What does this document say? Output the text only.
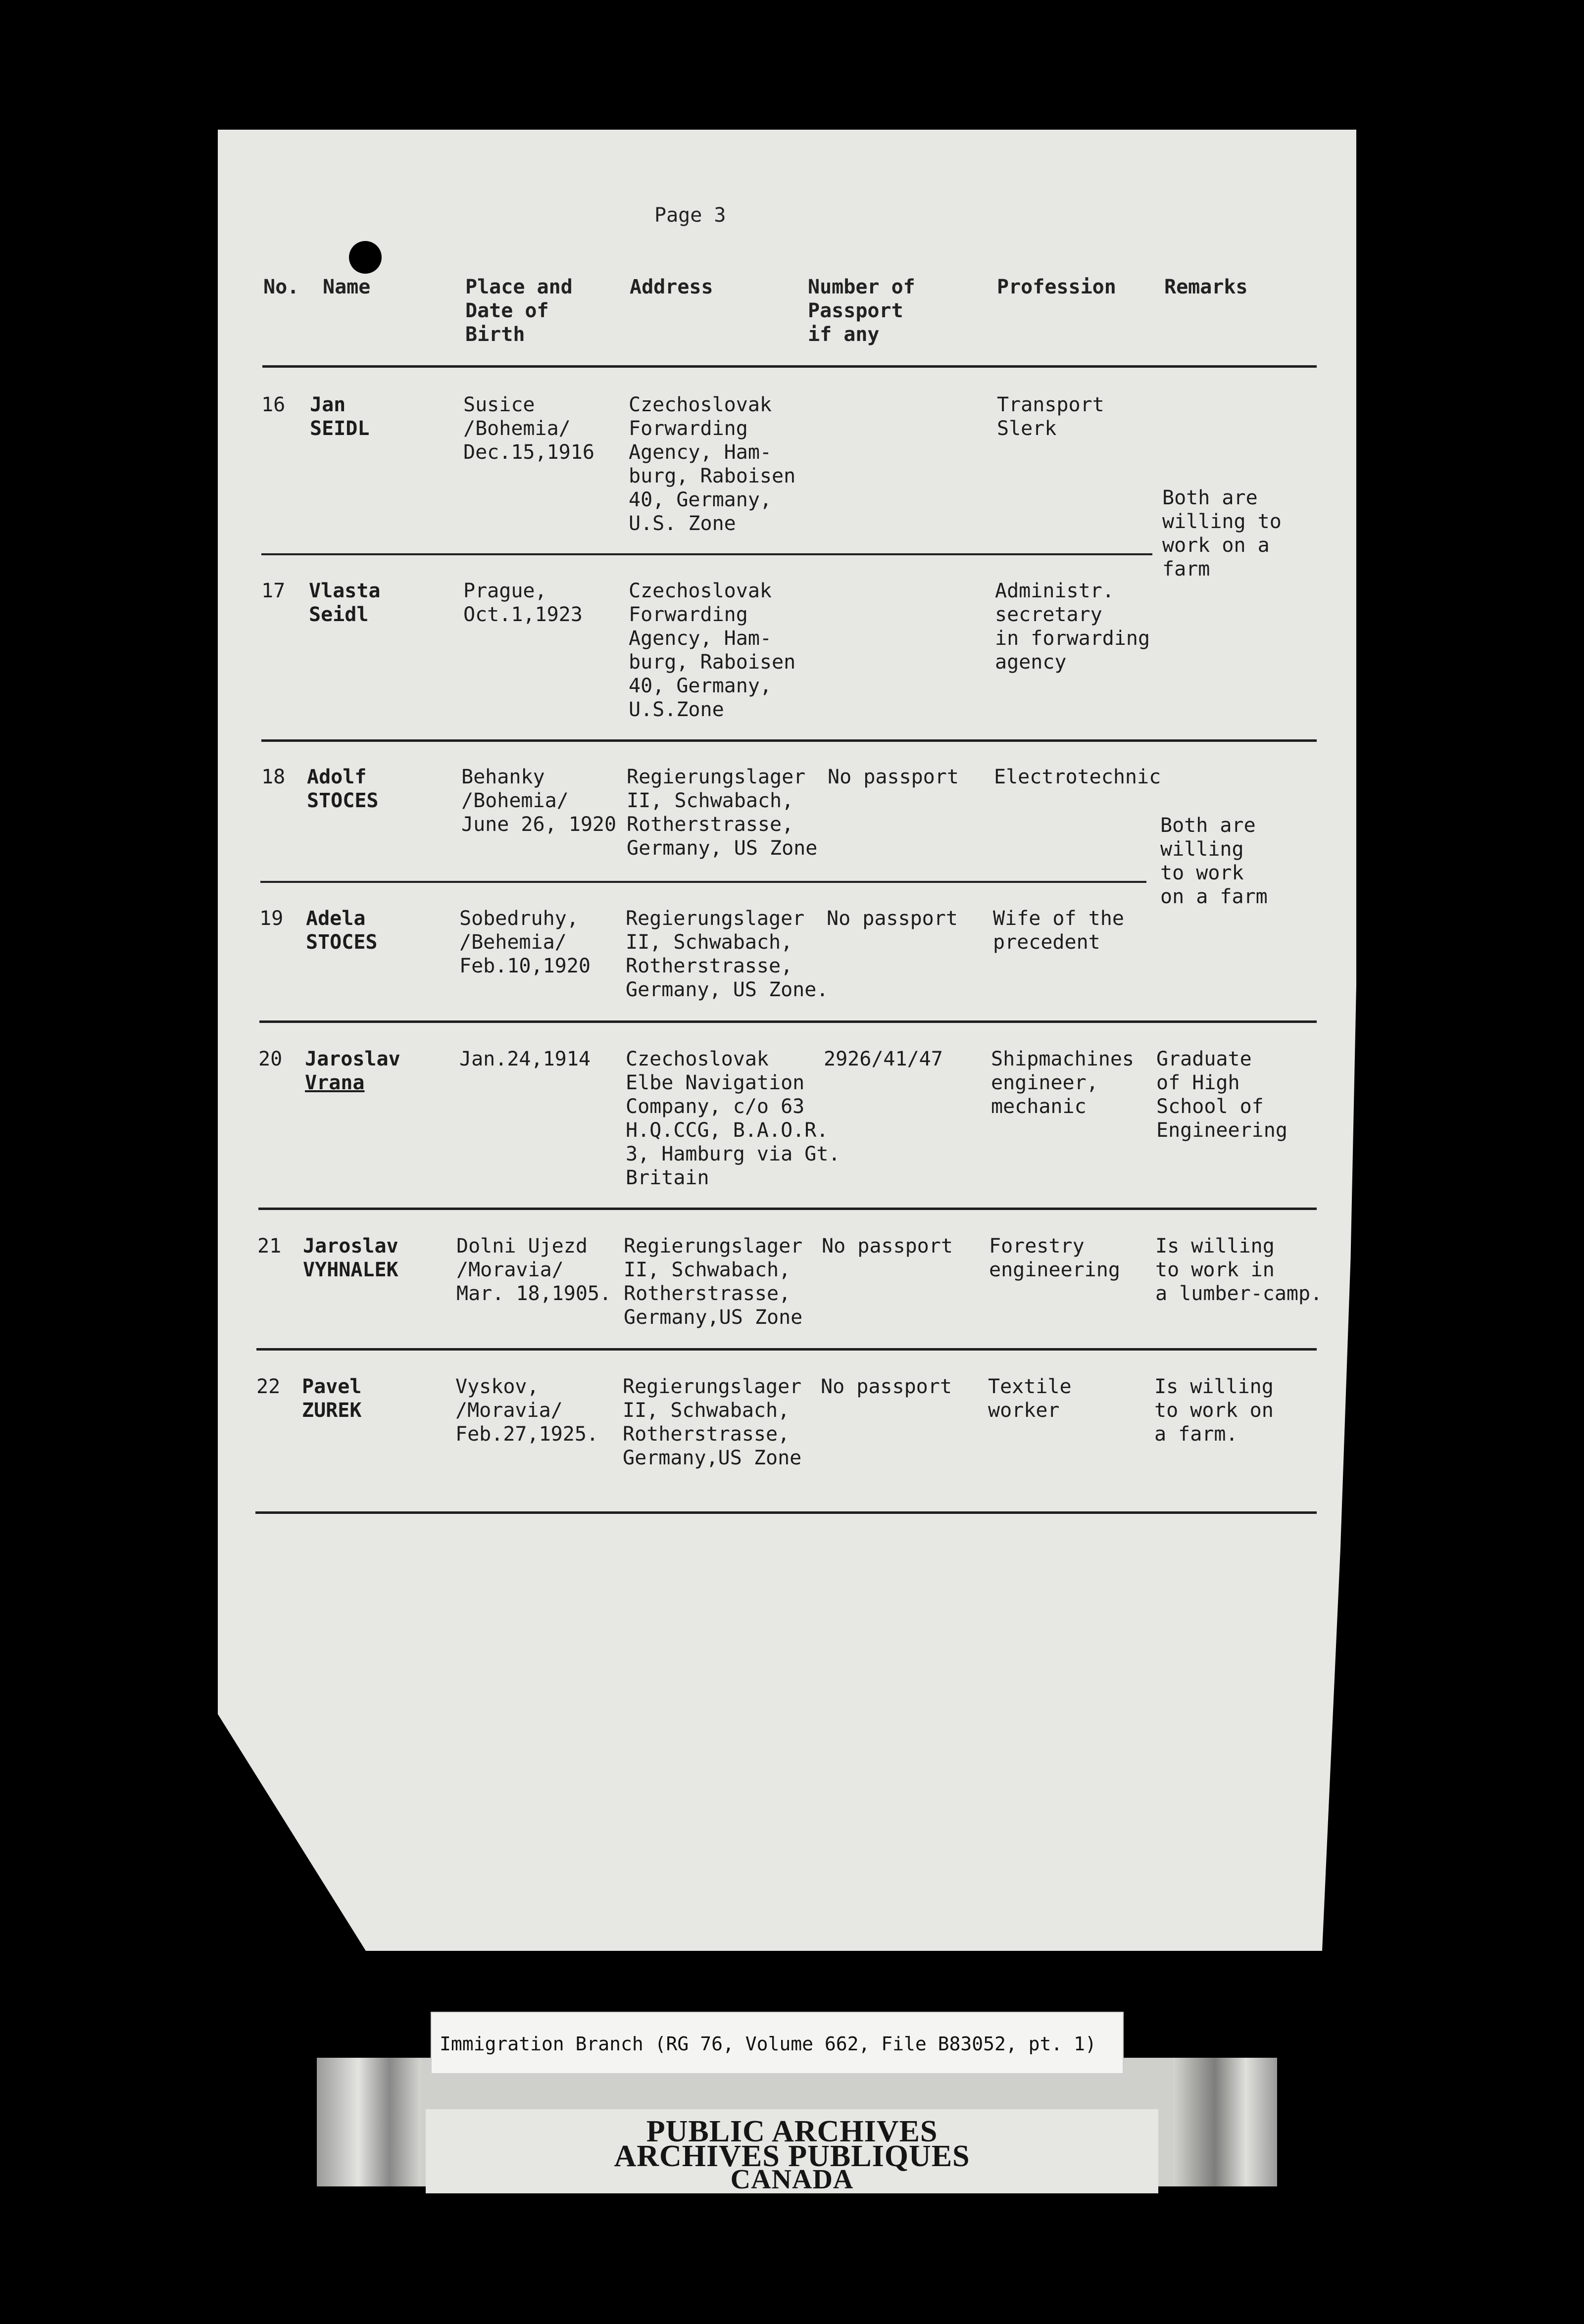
Page 3
No. Name	Place and
Date of
Birth
Address	Number of
Passport
if any
Profession Remarks
16 Jan
SEIDL
Susice
/Bohemia/
Dec.15,1916
Czechoslovak
Forwarding
Agency, Ham-
burg, Raboisen
40, Germany,
U.S. Zone
Transport
Slerk
17 Vlasta
Seidl
Prague,
Oct.1,1923
Czechoslovak
Forwarding
Agency, Ham-
burg, Raboisen
40, Germany,
U.S.Zone
Administr.
secretary
in forwarding
agency
Both are
willing to
work on a
farm
18 Adolf
STOCES
Behanky
/Bohemia/
June 26, 1920
Regierungslager
II, Schwabach,
Rotherstrasse,
Germany, US Zone
No passport Electrotechnic
19 Adela
STOCES
Sobedruhy,
/Behemia/
Feb.10,1920
Regierungslager
II, Schwabach,
Rotherstrasse,
Germany, US Zone.
No passport Wife of the
precedent
Both are
willing
to work
on a farm
20 Jaroslav
Vrana
Jan.24,1914 Czechoslovak
Elbe Navigation
Company, c/o 63
H.Q.CCG, B.A.O.R.
3, Hamburg via Gt.
Britain
2926/41/47 Shipmachines
engineer,
mechanic
Graduate
of High
School of
Engineering
21 Jaroslav
VYHNALEK
Dolni Ujezd
/Moravia/
Mar. 18,1905.
Regierungslager
II, Schwabach,
Rotherstrasse,
Germany,US Zone
No passport Forestry
engineering
Is willing
to work in
a lumber-camp.
22 Pavel
ZUREK
Vyskov,
/Moravia/
Feb.27,1925.
Regierungslager
II, Schwabach,
Rotherstrasse,
Germany,US Zone
No passport Textile
worker
Is willing
to work on
a farm.
Immigration Branch (RG 76, Volume 662, File B83052, pt. 1)
PUBLIC ARCHIVES
ARCHIVES PUBLIQUES
CANADA
